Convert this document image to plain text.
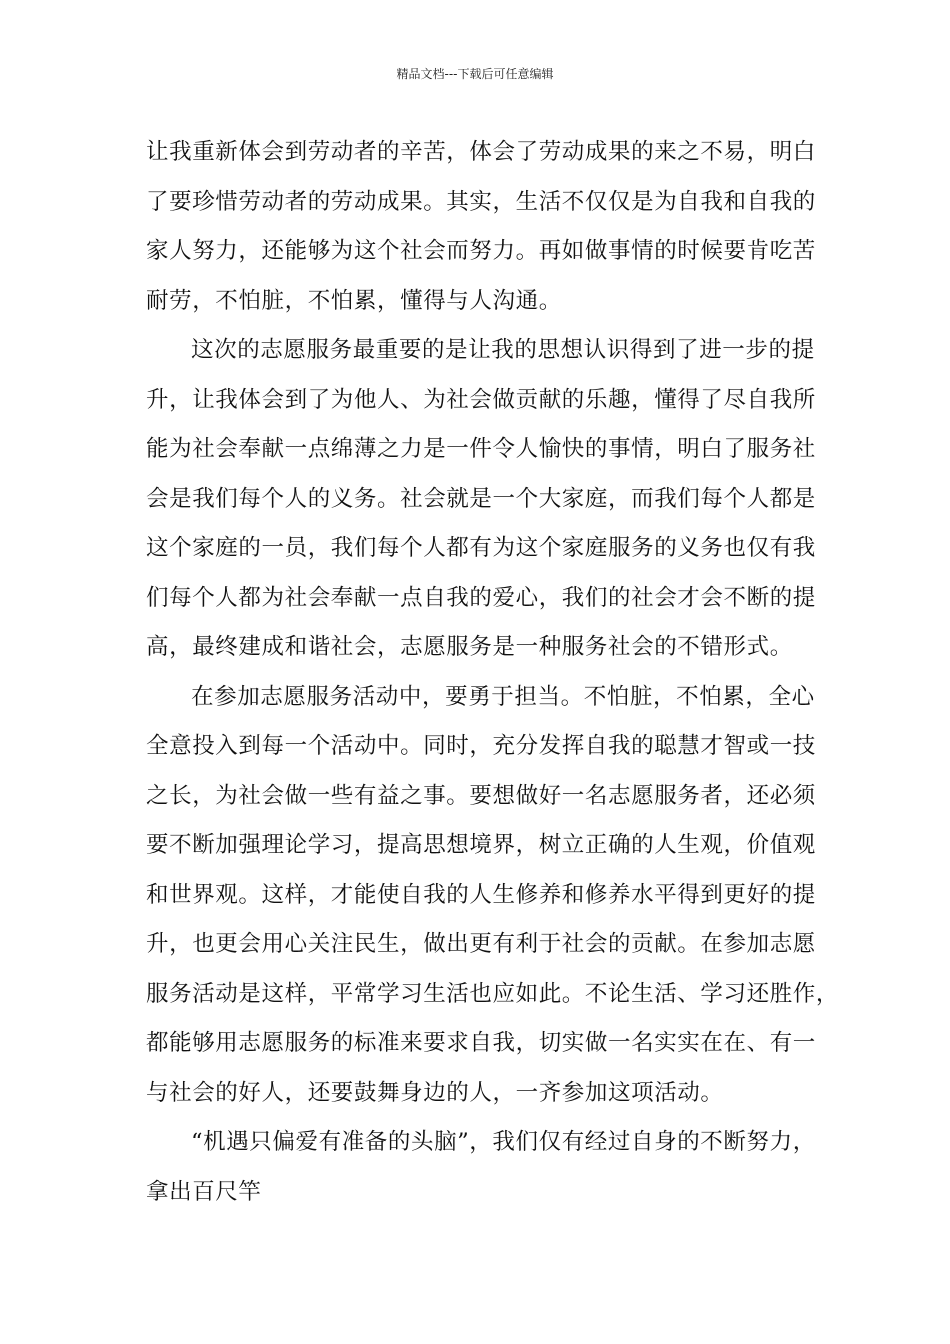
精品文档---下载后可任意编辑
让我重新体会到劳动者的辛苦，体会了劳动成果的来之不易，明白
了要珍惜劳动者的劳动成果。其实，生活不仅仅是为自我和自我的
家人努力，还能够为这个社会而努力。再如做事情的时候要肯吃苦
耐劳，不怕脏，不怕累，懂得与人沟通。
这次的志愿服务最重要的是让我的思想认识得到了进一步的提
升，让我体会到了为他人、为社会做贡献的乐趣，懂得了尽自我所
能为社会奉献一点绵薄之力是一件令人愉快的事情，明白了服务社
会是我们每个人的义务。社会就是一个大家庭，而我们每个人都是
这个家庭的一员，我们每个人都有为这个家庭服务的义务也仅有我
们每个人都为社会奉献一点自我的爱心，我们的社会才会不断的提
高，最终建成和谐社会，志愿服务是一种服务社会的不错形式。
在参加志愿服务活动中，要勇于担当。不怕脏，不怕累，全心
全意投入到每一个活动中。同时，充分发挥自我的聪慧才智或一技
之长，为社会做一些有益之事。要想做好一名志愿服务者，还必须
要不断加强理论学习，提高思想境界，树立正确的人生观，价值观
和世界观。这样，才能使自我的人生修养和修养水平得到更好的提
升，也更会用心关注民生，做出更有利于社会的贡献。在参加志愿
服务活动是这样，平常学习生活也应如此。不论生活、学习还胜作，
都能够用志愿服务的标准来要求自我，切实做一名实实在在、有一
与社会的好人，还要鼓舞身边的人，一齐参加这项活动。
“机遇只偏爱有准备的头脑”，我们仅有经过自身的不断努力，
拿出百尺竿
